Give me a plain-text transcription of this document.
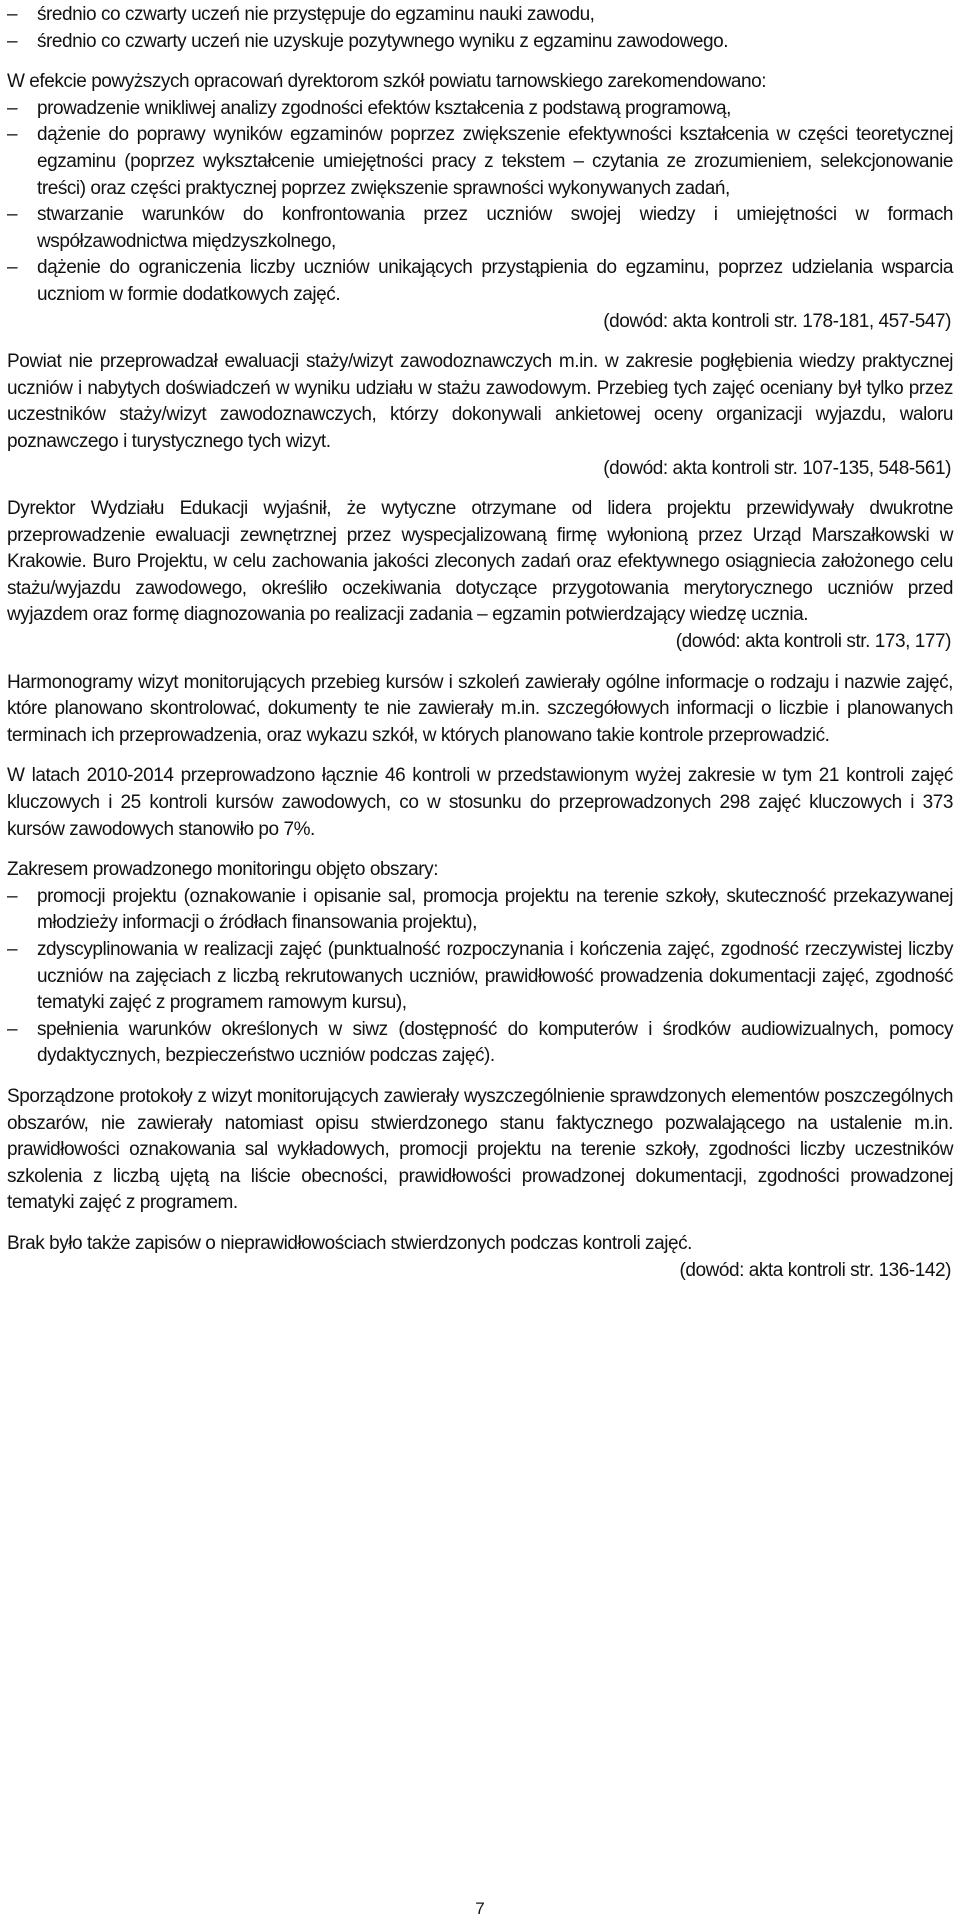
–	średnio co czwarty uczeń nie przystępuje do egzaminu nauki zawodu,
–	średnio co czwarty uczeń nie uzyskuje pozytywnego wyniku z egzaminu zawodowego.

W efekcie powyższych opracowań dyrektorom szkół powiatu tarnowskiego zarekomendowano:

–	prowadzenie wnikliwej analizy zgodności efektów kształcenia z podstawą programową,
–	dążenie do poprawy wyników egzaminów poprzez zwiększenie efektywności kształcenia w części teoretycznej egzaminu (poprzez wykształcenie umiejętności pracy z tekstem – czytania ze zrozumieniem, selekcjonowanie treści) oraz części praktycznej poprzez zwiększenie sprawności wykonywanych zadań,
–	stwarzanie warunków do konfrontowania przez uczniów swojej wiedzy i umiejętności w formach współzawodnictwa międzyszkolnego,
–	dążenie do ograniczenia liczby uczniów unikających przystąpienia do egzaminu, poprzez udzielania wsparcia uczniom w formie dodatkowych zajęć.

(dowód: akta kontroli str. 178-181, 457-547)

Powiat nie przeprowadzał ewaluacji staży/wizyt zawodoznawczych m.in. w zakresie pogłębienia wiedzy praktycznej uczniów i nabytych doświadczeń w wyniku udziału w stażu zawodowym. Przebieg tych zajęć oceniany był tylko przez uczestników staży/wizyt zawodoznawczych, którzy dokonywali ankietowej oceny organizacji wyjazdu, waloru poznawczego i turystycznego tych wizyt.

(dowód: akta kontroli str. 107-135, 548-561)

Dyrektor Wydziału Edukacji wyjaśnił, że wytyczne otrzymane od lidera projektu przewidywały dwukrotne przeprowadzenie ewaluacji zewnętrznej przez wyspecjalizowaną firmę wyłonioną przez Urząd Marszałkowski w Krakowie. Buro Projektu, w celu zachowania jakości zleconych zadań oraz efektywnego osiągniecia założonego celu stażu/wyjazdu zawodowego, określiło oczekiwania dotyczące przygotowania merytorycznego uczniów przed wyjazdem oraz formę diagnozowania po realizacji zadania – egzamin potwierdzający wiedzę ucznia.

(dowód: akta kontroli str. 173, 177)

Harmonogramy wizyt monitorujących przebieg kursów i szkoleń zawierały ogólne informacje o rodzaju i nazwie zajęć, które planowano skontrolować, dokumenty te nie zawierały m.in. szczegółowych informacji o liczbie i planowanych terminach ich przeprowadzenia, oraz wykazu szkół, w których planowano takie kontrole przeprowadzić.

W latach 2010-2014 przeprowadzono łącznie 46 kontroli w przedstawionym wyżej zakresie w tym 21 kontroli zajęć kluczowych i 25 kontroli kursów zawodowych, co w stosunku do przeprowadzonych 298 zajęć kluczowych i 373 kursów zawodowych stanowiło po 7%.

Zakresem prowadzonego monitoringu objęto obszary:

–	promocji projektu (oznakowanie i opisanie sal, promocja projektu na terenie szkoły, skuteczność przekazywanej młodzieży informacji o źródłach finansowania projektu),
–	zdyscyplinowania w realizacji zajęć (punktualność rozpoczynania i kończenia zajęć, zgodność rzeczywistej liczby uczniów na zajęciach z liczbą rekrutowanych uczniów, prawidłowość prowadzenia dokumentacji zajęć, zgodność tematyki zajęć z programem ramowym kursu),
–	spełnienia warunków określonych w siwz (dostępność do komputerów i środków audiowizualnych, pomocy dydaktycznych, bezpieczeństwo uczniów podczas zajęć).

Sporządzone protokoły z wizyt monitorujących zawierały wyszczególnienie sprawdzonych elementów poszczególnych obszarów, nie zawierały natomiast opisu stwierdzonego stanu faktycznego pozwalającego na ustalenie m.in. prawidłowości oznakowania sal wykładowych, promocji projektu na terenie szkoły, zgodności liczby uczestników szkolenia z liczbą ujętą na liście obecności, prawidłowości prowadzonej dokumentacji, zgodności prowadzonej tematyki zajęć z programem.

Brak było także zapisów o nieprawidłowościach stwierdzonych podczas kontroli zajęć.

(dowód: akta kontroli str. 136-142)

7
